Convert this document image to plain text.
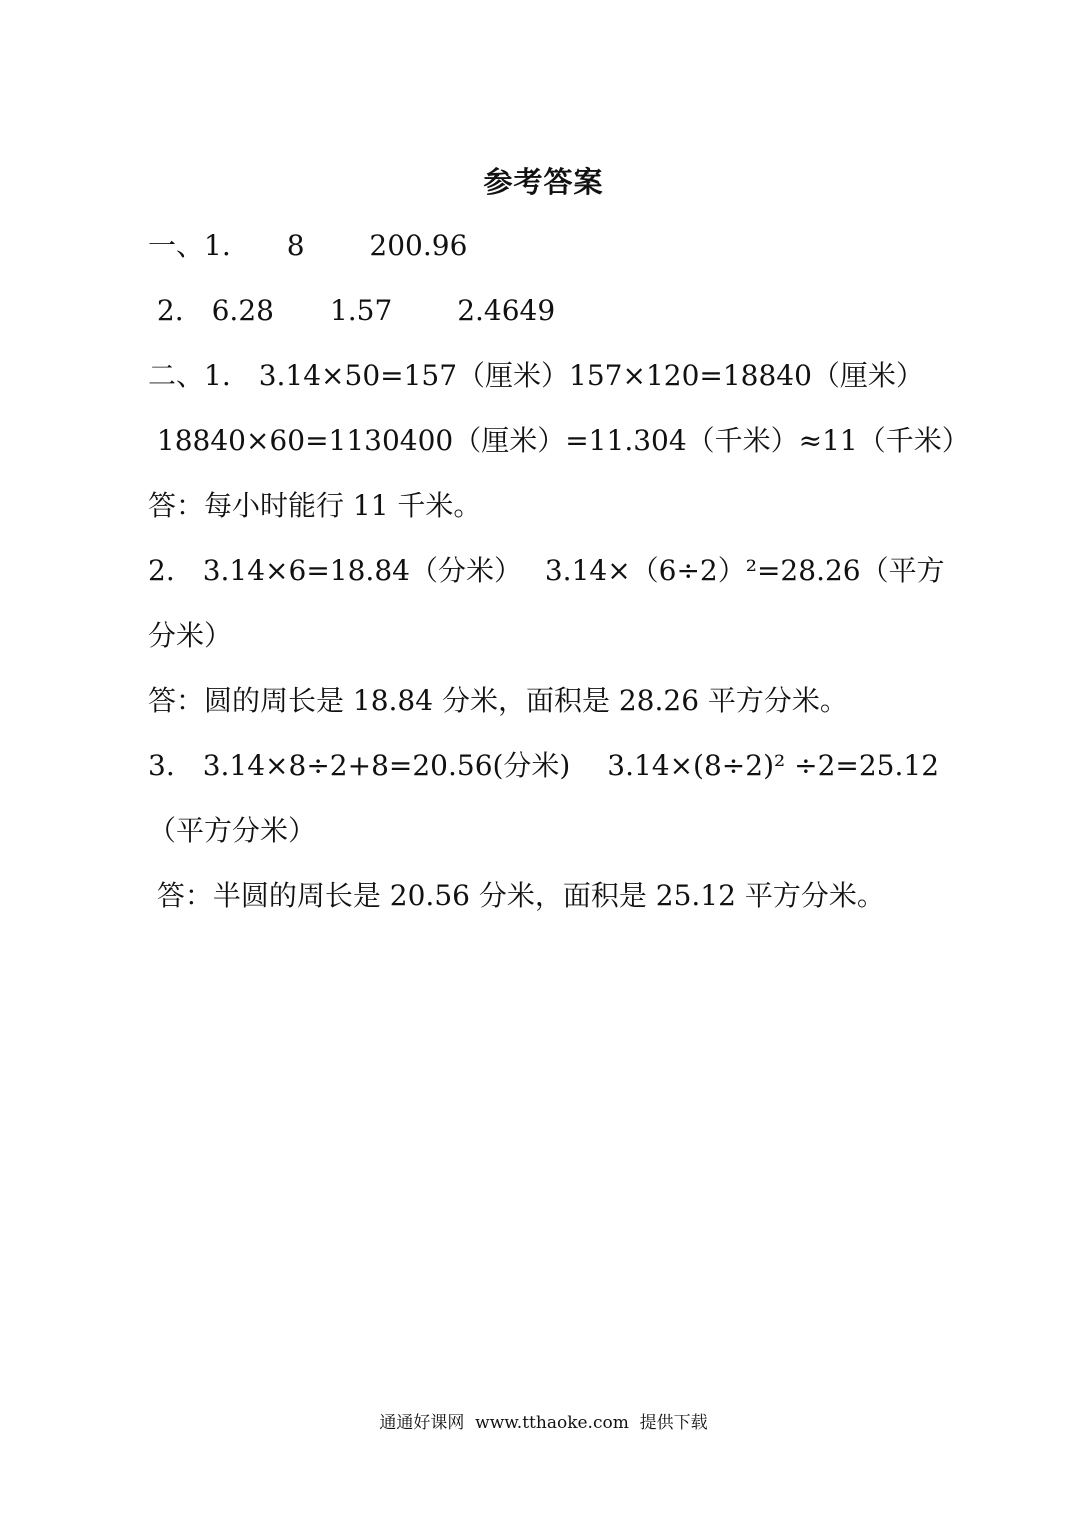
参考答案
一、1.　　8　　 200.96
2.　6.28　　1.57　　 2.4649
二、1.　3.14×50=157（厘米）157×120=18840（厘米）
18840×60=1130400（厘米）=11.304（千米）≈11（千米）
答：每小时能行 11 千米。
2.　3.14×6=18.84（分米）　 3.14×（6÷2）²=28.26（平方
分米）
答：圆的周长是 18.84 分米，面积是 28.26 平方分米。
3.　3.14×8÷2+8=20.56(分米)　 3.14×(8÷2)² ÷2=25.12
（平方分米）
答：半圆的周长是 20.56 分米，面积是 25.12 平方分米。
通通好课网  www.tthaoke.com  提供下载
